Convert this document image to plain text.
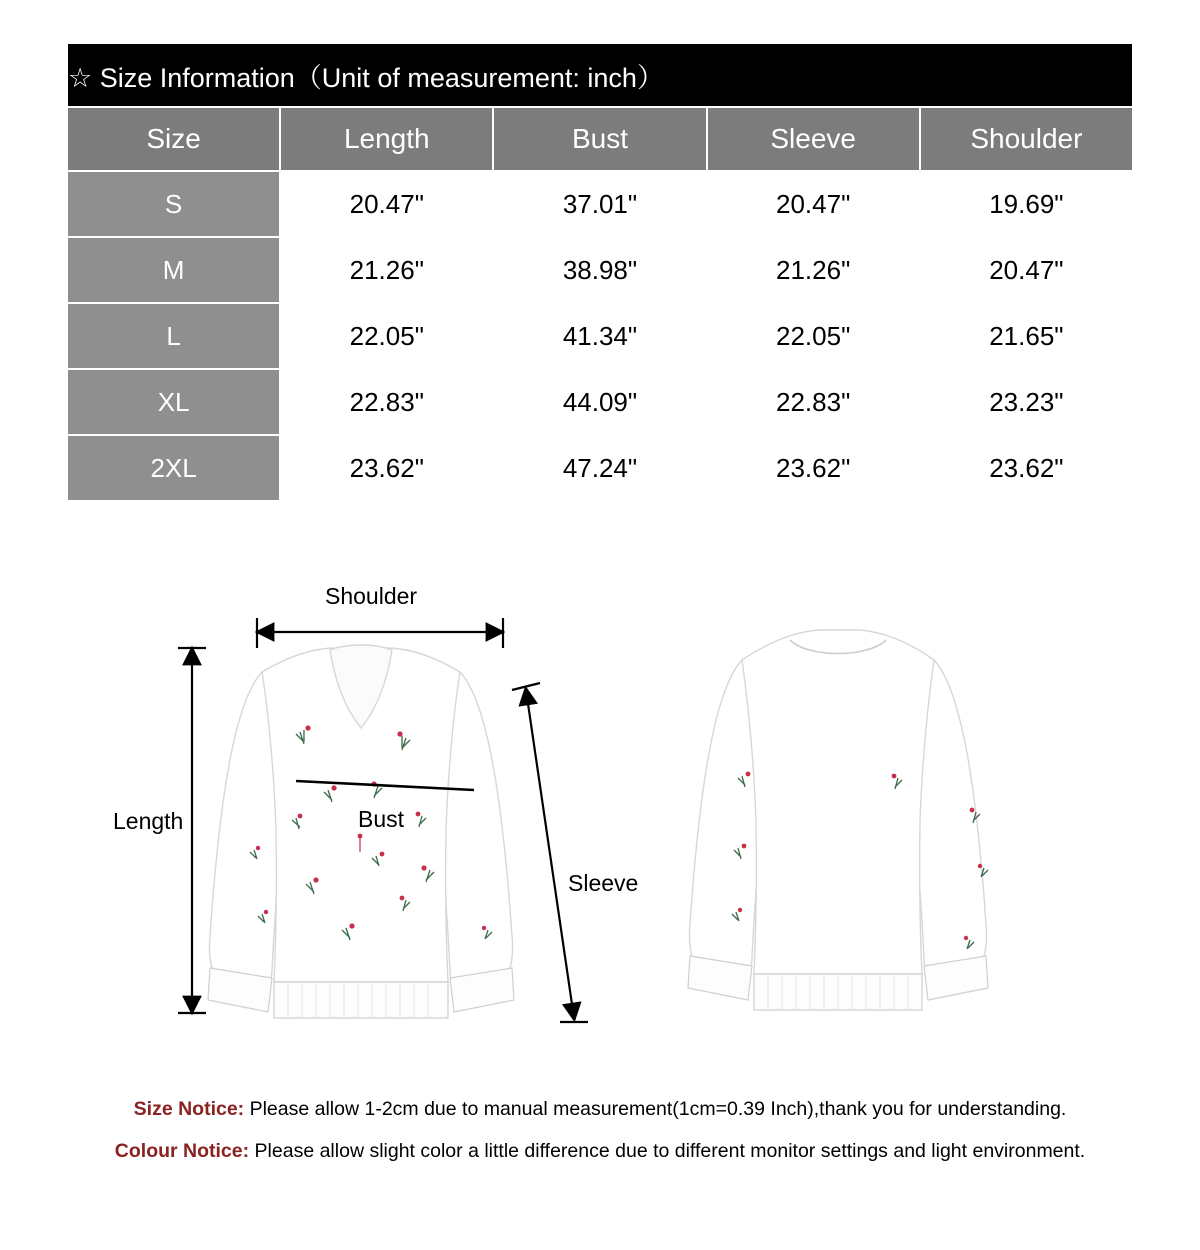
☆ Size Information（Unit of measurement: inch）				
Size	Length	Bust	Sleeve	Shoulder
S	20.47"	37.01"	20.47"	19.69"
M	21.26"	38.98"	21.26"	20.47"
L	22.05"	41.34"	22.05"	21.65"
XL	22.83"	44.09"	22.83"	23.23"
2XL	23.62"	47.24"	23.62"	23.62"
Shoulder
Length	Bust
Sleeve
Size Notice: Please allow 1-2cm due to manual measurement(1cm=0.39 Inch),thank you for understanding.
Colour Notice: Please allow slight color a little difference due to different monitor settings and light environment.
